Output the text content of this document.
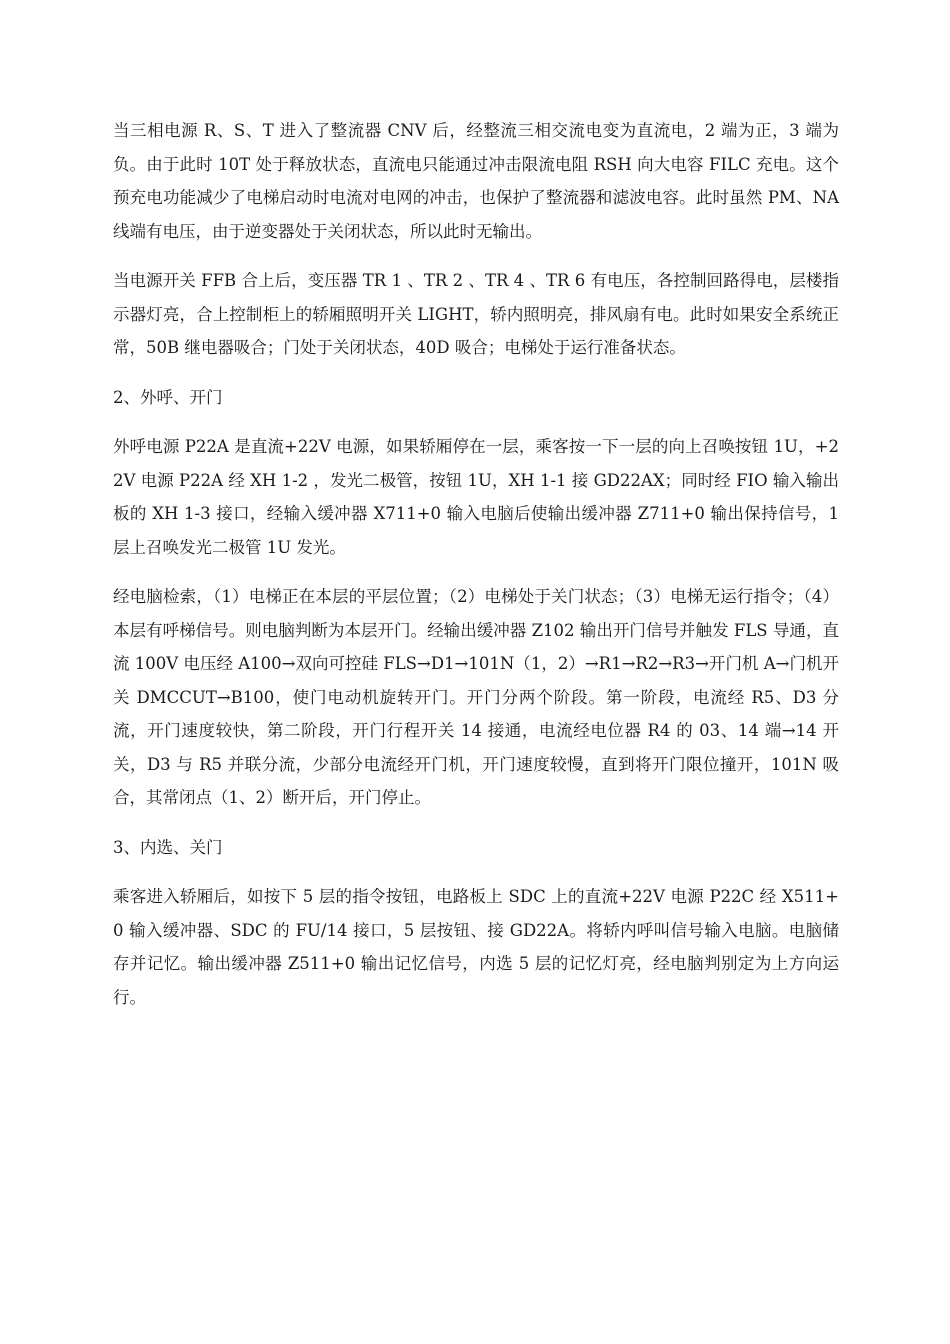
当三相电源 R、S、T 进入了整流器 CNV 后，经整流三相交流电变为直流电，2 端为正，3 端为负。由于此时 10T 处于释放状态，直流电只能通过冲击限流电阻 RSH 向大电容 FILC 充电。这个预充电功能减少了电梯启动时电流对电网的冲击，也保护了整流器和滤波电容。此时虽然 PM、NA 线端有电压，由于逆变器处于关闭状态，所以此时无输出。

当电源开关 FFB 合上后，变压器 TR 1 、TR 2 、TR 4 、TR 6 有电压，各控制回路得电，层楼指示器灯亮，合上控制柜上的轿厢照明开关 LIGHT，轿内照明亮，排风扇有电。此时如果安全系统正常，50B 继电器吸合；门处于关闭状态，40D 吸合；电梯处于运行准备状态。

2、外呼、开门

外呼电源 P22A 是直流+22V 电源，如果轿厢停在一层，乘客按一下一层的向上召唤按钮 1U，+22V 电源 P22A 经 XH 1-2 ，发光二极管，按钮 1U，XH 1-1 接 GD22AX；同时经 FIO 输入输出板的 XH 1-3 接口，经输入缓冲器 X711+0 输入电脑后使输出缓冲器 Z711+0 输出保持信号，1 层上召唤发光二极管 1U 发光。

经电脑检索，（1）电梯正在本层的平层位置；（2）电梯处于关门状态；（3）电梯无运行指令；（4）本层有呼梯信号。则电脑判断为本层开门。经输出缓冲器 Z102 输出开门信号并触发 FLS 导通，直流 100V 电压经 A100→双向可控硅 FLS→D1→101N（1，2）→R1→R2→R3→开门机 A→门机开关 DMCCUT→B100，使门电动机旋转开门。开门分两个阶段。第一阶段，电流经 R5、D3 分流，开门速度较快，第二阶段，开门行程开关 14 接通，电流经电位器 R4 的 03、14 端→14 开关，D3 与 R5 并联分流，少部分电流经开门机，开门速度较慢，直到将开门限位撞开，101N 吸合，其常闭点（1、2）断开后，开门停止。

3、内选、关门

乘客进入轿厢后，如按下 5 层的指令按钮，电路板上 SDC 上的直流+22V 电源 P22C 经 X511+0 输入缓冲器、SDC 的 FU/14 接口，5 层按钮、接 GD22A。将轿内呼叫信号输入电脑。电脑储存并记忆。输出缓冲器 Z511+0 输出记忆信号，内选 5 层的记忆灯亮，经电脑判别定为上方向运行。
